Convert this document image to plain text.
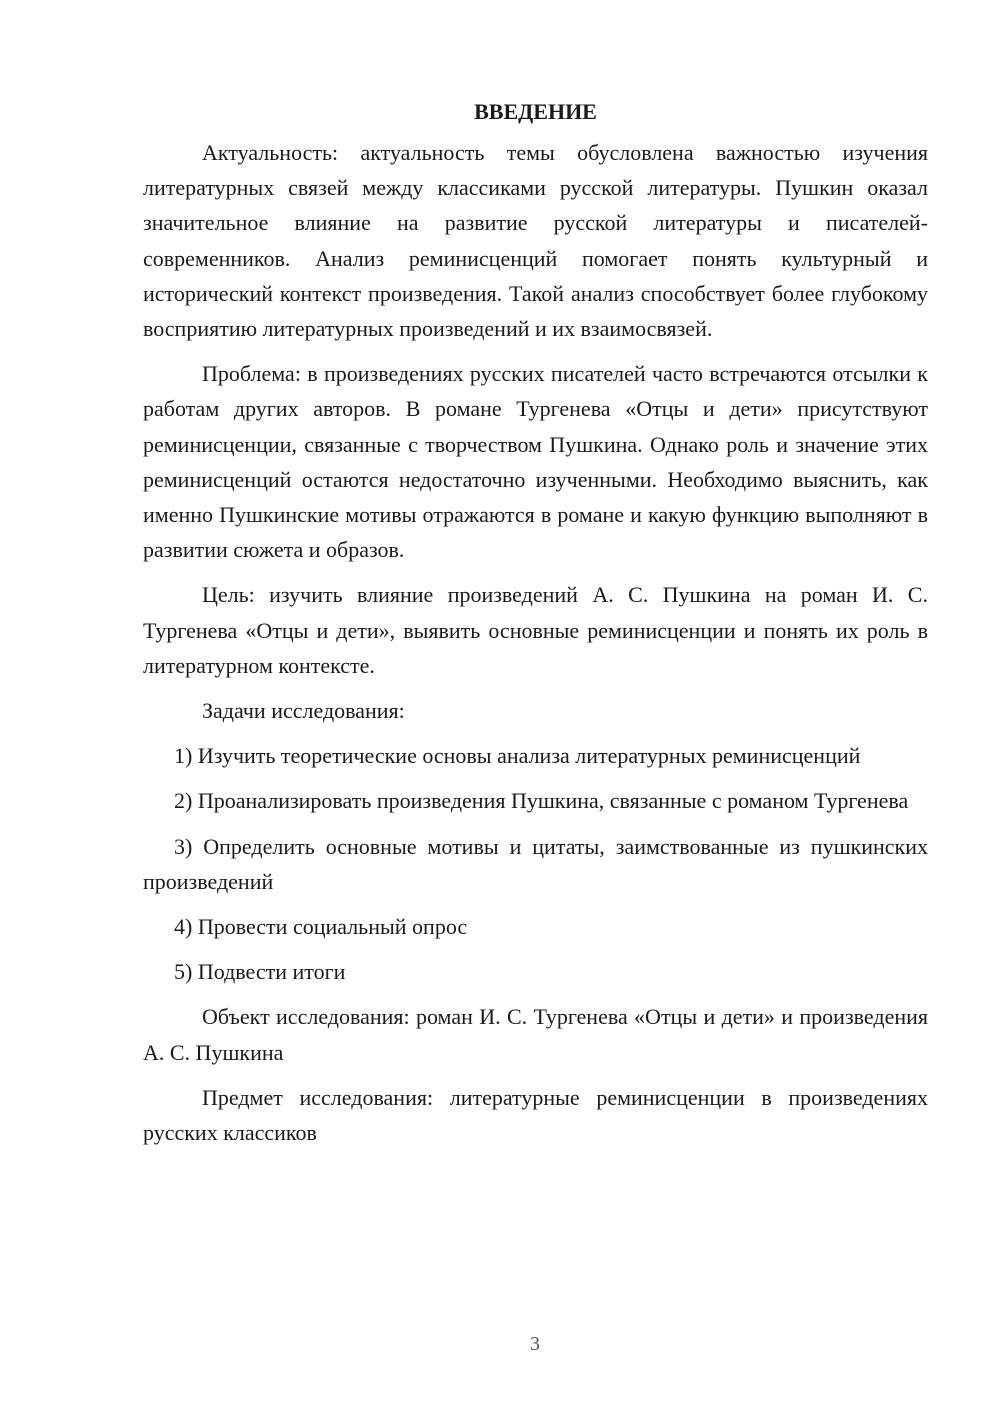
ВВЕДЕНИЕ

Актуальность: актуальность темы обусловлена важностью изучения литературных связей между классиками русской литературы. Пушкин оказал значительное влияние на развитие русской литературы и писателей-современников. Анализ реминисценций помогает понять культурный и исторический контекст произведения. Такой анализ способствует более глубокому восприятию литературных произведений и их взаимосвязей.

Проблема: в произведениях русских писателей часто встречаются отсылки к работам других авторов. В романе Тургенева «Отцы и дети» присутствуют реминисценции, связанные с творчеством Пушкина. Однако роль и значение этих реминисценций остаются недостаточно изученными. Необходимо выяснить, как именно Пушкинские мотивы отражаются в романе и какую функцию выполняют в развитии сюжета и образов.

Цель: изучить влияние произведений А. С. Пушкина на роман И. С. Тургенева «Отцы и дети», выявить основные реминисценции и понять их роль в литературном контексте.

Задачи исследования:

1) Изучить теоретические основы анализа литературных реминисценций

2) Проанализировать произведения Пушкина, связанные с романом Тургенева

3) Определить основные мотивы и цитаты, заимствованные из пушкинских произведений

4) Провести социальный опрос

5) Подвести итоги

Объект исследования: роман И. С. Тургенева «Отцы и дети» и произведения А. С. Пушкина

Предмет исследования: литературные реминисценции в произведениях русских классиков

3
